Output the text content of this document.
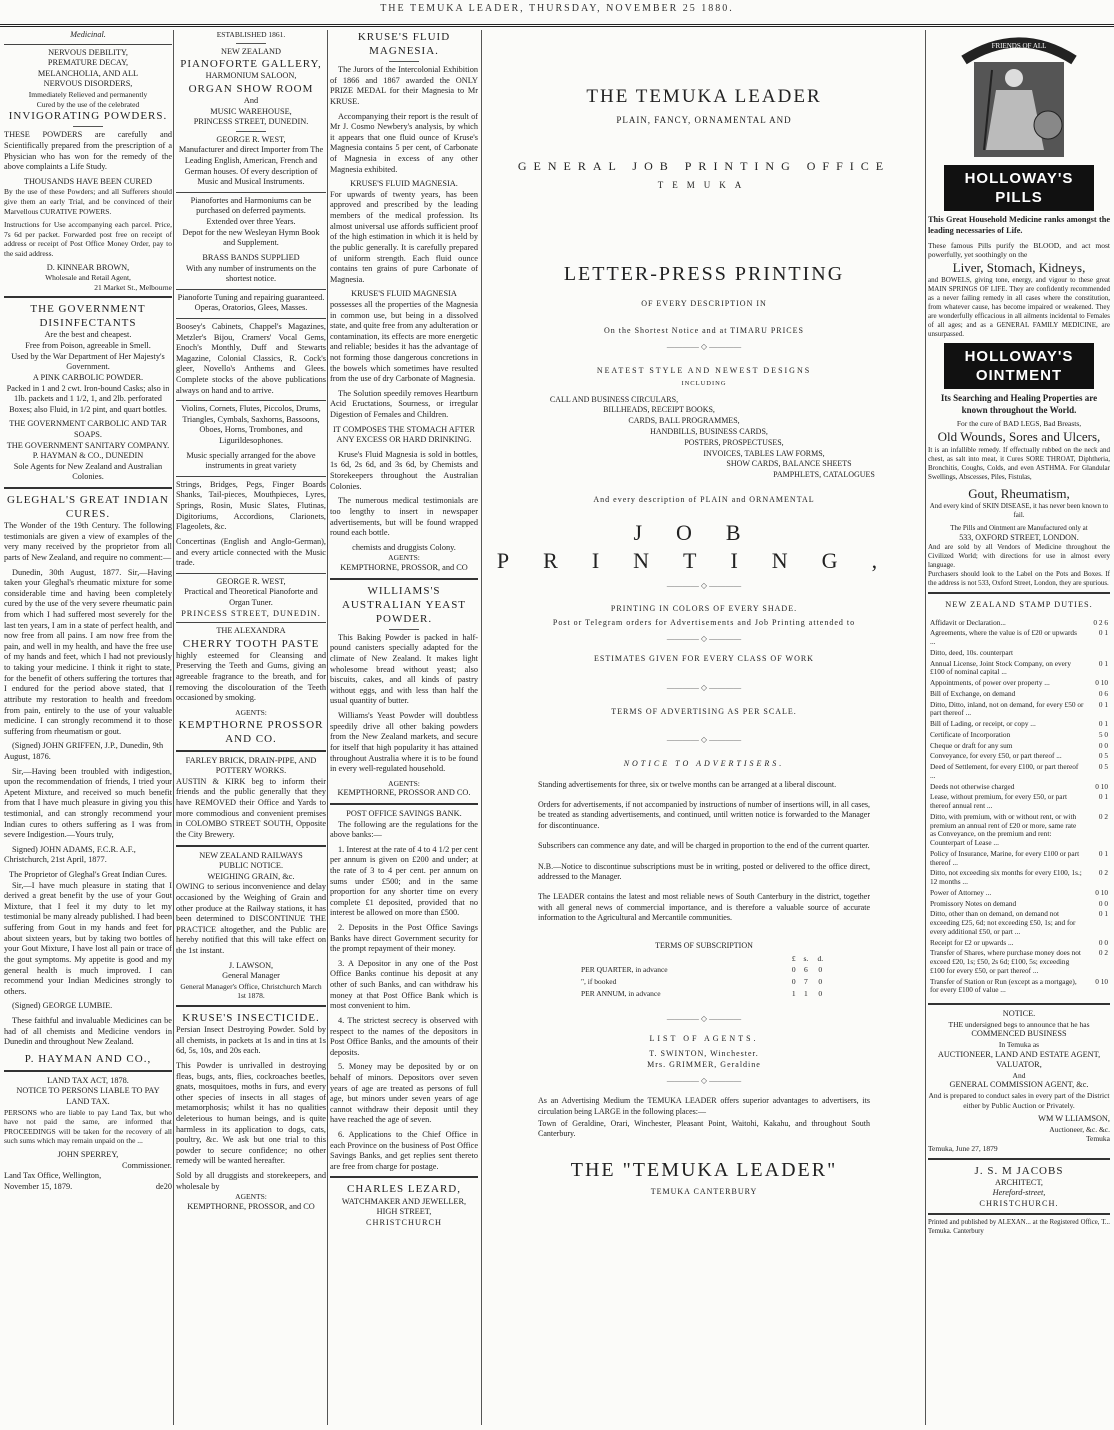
THE TEMUKA LEADER, THURSDAY, NOVEMBER 25 1880.
Medicinal.
NERVOUS DEBILITY,
PREMATURE DECAY,
MELANCHOLIA, AND ALL
NERVOUS DISORDERS,
Immediately Relieved and permanently
Cured by the use of the celebrated
INVIGORATING POWDERS.
THESE POWDERS are carefully and Scientifically prepared from the prescription of a Physician who has won for the remedy of the above complaints a Life Study.
THOUSANDS HAVE BEEN CURED
By the use of these Powders; and all Sufferers should give them an early Trial, and be convinced of their Marvellous CURATIVE POWERS.
Instructions for Use accompanying each parcel. Price, 7s 6d per packet. Forwarded post free on receipt of address or receipt of Post Office Money Order, pay to the said address.
D. KINNEAR BROWN,
Wholesale and Retail Agent,
21 Market St., Melbourne
THE GOVERNMENT DISINFECTANTS
Are the best and cheapest.
Free from Poison, agreeable in Smell.
Used by the War Department of Her Majesty's Government.
A PINK CARBOLIC POWDER.
Packed in 1 and 2 cwt. Iron-bound Casks; also in 1lb. packets and 1 1/2, 1, and 2lb. perforated Boxes; also Fluid, in 1/2 pint, and quart bottles.
THE GOVERNMENT CARBOLIC AND TAR SOAPS.
THE GOVERNMENT SANITARY COMPANY.
P. HAYMAN & CO., DUNEDIN
Sole Agents for New Zealand and Australian Colonies.
GLEGHAL'S GREAT INDIAN CURES.
The Wonder of the 19th Century. The following testimonials are given a view of examples of the very many received by the proprietor from all parts of New Zealand, and require no comment:—
Dunedin, 30th August, 1877. Sir,—Having taken your Gleghal's rheumatic mixture for some considerable time and having been completely cured by the use of the very severe rheumatic pain from which I had suffered most severely for the last ten years, I am in a state of perfect health, and now free from all pains. I am now free from the pain, and well in my health, and have the free use of my hands and feet, which I had not previously to taking your medicine. I think it right to state, for the benefit of others suffering the tortures that I endured for the period above stated, that I attribute my restoration to health and freedom from pain, entirely to the use of your valuable medicine. I can strongly recommend it to those suffering from rheumatism or gout.
(Signed) JOHN GRIFFEN, J.P., Dunedin, 9th August, 1876.
Sir,—Having been troubled with indigestion, upon the recommendation of friends, I tried your Apetent Mixture, and received so much benefit from that I have much pleasure in giving you this testimonial, and can strongly recommend your Indian cures to others suffering as I was from severe Indigestion.—Yours truly,
Signed) JOHN ADAMS, F.C.R. A.F., Christchurch, 21st April, 1877.
The Proprietor of Gleghal's Great Indian Cures.
Sir,—I have much pleasure in stating that I derived a great benefit by the use of your Gout Mixture, that I feel it my duty to let my testimonial be many already published. I had been suffering from Gout in my hands and feet for about sixteen years, but by taking two bottles of your Gout Mixture, I have lost all pain or trace of the gout symptoms. My appetite is good and my general health is much improved. I can recommend your Indian Medicines strongly to others.
(Signed) GEORGE LUMBIE.
These faithful and invaluable Medicines can be had of all chemists and Medicine vendors in Dunedin and throughout New Zealand.
P. HAYMAN AND CO.,
LAND TAX ACT, 1878.
NOTICE TO PERSONS LIABLE TO PAY LAND TAX.
PERSONS who are liable to pay Land Tax, but who have not paid the same, are informed that PROCEEDINGS will be taken for the recovery of all such sums which may remain unpaid on the ...
JOHN SPERREY,
Commissioner.
Land Tax Office, Wellington,
November 15, 1879.	de20
ESTABLISHED 1861.
NEW ZEALAND
PIANOFORTE GALLERY,
HARMONIUM SALOON,
ORGAN SHOW ROOM
And
MUSIC WAREHOUSE,
PRINCESS STREET, DUNEDIN.
GEORGE R. WEST,
Manufacturer and direct Importer from The Leading English, American, French and German houses. Of every description of Music and Musical Instruments.
Pianofortes and Harmoniums can be purchased on deferred payments.
Extended over three Years.
Depot for the new Wesleyan Hymn Book and Supplement.
BRASS BANDS SUPPLIED
With any number of instruments on the shortest notice.
Pianoforte Tuning and repairing guaranteed. Operas, Oratorios, Glees, Masses.
Boosey's Cabinets, Chappel's Magazines, Metzler's Bijou, Cramers' Vocal Gems, Enoch's Monthly, Duff and Stewarts Magazine, Colonial Classics, R. Cock's gleer, Novello's Anthems and Glees. Complete stocks of the above publications always on hand and to arrive.
Violins, Cornets, Flutes, Piccolos, Drums, Triangles, Cymbals, Saxhorns, Bassoons, Oboes, Horns, Trombones, and Ligurildesophones.
Music specially arranged for the above instruments in great variety
Strings, Bridges, Pegs, Finger Boards Shanks, Tail-pieces, Mouthpieces, Lyres, Springs, Rosin, Music Slates, Flutinas, Digitoriums, Accordions, Clarionets, Flageolets, &c.
Concertinas (English and Anglo-German), and every article connected with the Music trade.
GEORGE R. WEST,
Practical and Theoretical Pianoforte and Organ Tuner.
PRINCESS STREET, DUNEDIN.
THE ALEXANDRA
CHERRY TOOTH PASTE
highly esteemed for Cleansing and Preserving the Teeth and Gums, giving an agreeable fragrance to the breath, and for removing the discolouration of the Teeth occasioned by smoking.
AGENTS:
KEMPTHORNE PROSSOR AND CO.
FARLEY BRICK, DRAIN-PIPE, AND POTTERY WORKS.
AUSTIN & KIRK beg to inform their friends and the public generally that they have REMOVED their Office and Yards to more commodious and convenient premises in COLOMBO STREET SOUTH, Opposite the City Brewery.
NEW ZEALAND RAILWAYS
PUBLIC NOTICE.
WEIGHING GRAIN, &c.
OWING to serious inconvenience and delay occasioned by the Weighing of Grain and other produce at the Railway stations, it has been determined to DISCONTINUE THE PRACTICE altogether, and the Public are hereby notified that this will take effect on the 1st instant.
J. LAWSON,
General Manager
General Manager's Office, Christchurch March 1st 1878.
KRUSE'S INSECTICIDE.
Persian Insect Destroying Powder. Sold by all chemists, in packets at 1s and in tins at 1s 6d, 5s, 10s, and 20s each.
This Powder is unrivalled in destroying fleas, bugs, ants, flies, cockroaches beetles, gnats, mosquitoes, moths in furs, and every other species of insects in all stages of metamorphosis; whilst it has no qualities deleterious to human beings, and is quite harmless in its application to dogs, cats, poultry, &c. We ask but one trial to this powder to secure confidence; no other remedy will be wanted hereafter.
Sold by all druggists and storekeepers, and wholesale by
AGENTS:
KEMPTHORNE, PROSSOR, and CO
KRUSE'S FLUID MAGNESIA.
The Jurors of the Intercolonial Exhibition of 1866 and 1867 awarded the ONLY PRIZE MEDAL for their Magnesia to Mr KRUSE.
Accompanying their report is the result of Mr J. Cosmo Newbery's analysis, by which it appears that one fluid ounce of Kruse's Magnesia contains 5 per cent, of Carbonate of Magnesia in excess of any other Magnesia exhibited.
KRUSE'S FLUID MAGNESIA.
For upwards of twenty years, has been approved and prescribed by the leading members of the medical profession. Its almost universal use affords sufficient proof of the high estimation in which it is held by the public generally. It is carefully prepared of uniform strength. Each fluid ounce contains ten grains of pure Carbonate of Magnesia.
KRUSE'S FLUID MAGNESIA
possesses all the properties of the Magnesia in common use, but being in a dissolved state, and quite free from any adulteration or contamination, its effects are more energetic and reliable; besides it has the advantage of not forming those dangerous concretions in the bowels which sometimes have resulted from the use of dry Carbonate of Magnesia.
The Solution speedily removes Heartburn Acid Eructations, Sourness, or irregular Digestion of Females and Children.
IT COMPOSES THE STOMACH AFTER ANY EXCESS OR HARD DRINKING.
Kruse's Fluid Magnesia is sold in bottles, 1s 6d, 2s 6d, and 3s 6d, by Chemists and Storekeepers throughout the Australian Colonies.
The numerous medical testimonials are too lengthy to insert in newspaper advertisements, but will be found wrapped round each bottle.
chemists and druggists Colony.
AGENTS:
KEMPTHORNE, PROSSOR, and CO
WILLIAMS'S AUSTRALIAN YEAST POWDER.
This Baking Powder is packed in half-pound canisters specially adapted for the climate of New Zealand. It makes light wholesome bread without yeast; also biscuits, cakes, and all kinds of pastry without eggs, and with less than half the usual quantity of butter.
Williams's Yeast Powder will doubtless speedily drive all other baking powders from the New Zealand markets, and secure for itself that high popularity it has attained throughout Australia where it is to be found in every well-regulated household.
AGENTS:
KEMPTHORNE, PROSSOR AND CO.
POST OFFICE SAVINGS BANK.
The following are the regulations for the above banks:—
1. Interest at the rate of 4 to 4 1/2 per cent per annum is given on £200 and under; at the rate of 3 to 4 per cent. per annum on sums under £500; and in the same proportion for any shorter time on every complete £1 deposited, provided that no interest be allowed on more than £500.
2. Deposits in the Post Office Savings Banks have direct Government security for the prompt repayment of their money.
3. A Depositor in any one of the Post Office Banks continue his deposit at any other of such Banks, and can withdraw his money at that Post Office Bank which is most convenient to him.
4. The strictest secrecy is observed with respect to the names of the depositors in Post Office Banks, and the amounts of their deposits.
5. Money may be deposited by or on behalf of minors. Depositors over seven years of age are treated as persons of full age, but minors under seven years of age cannot withdraw their deposit until they have reached the age of seven.
6. Applications to the Chief Office in each Province on the business of Post Office Savings Banks, and get replies sent thereto are free from charge for postage.
CHARLES LEZARD,
WATCHMAKER AND JEWELLER,
HIGH STREET,
CHRISTCHURCH
THE TEMUKA LEADER
PLAIN, FANCY, ORNAMENTAL AND
GENERAL JOB PRINTING OFFICE
TEMUKA
LETTER-PRESS PRINTING
OF EVERY DESCRIPTION IN
On the Shortest Notice and at TIMARU PRICES
———— ◇ ————
NEATEST STYLE AND NEWEST DESIGNS
INCLUDING
CALL AND BUSINESS CIRCULARS,
BILLHEADS, RECEIPT BOOKS,
CARDS, BALL PROGRAMMES,
HANDBILLS, BUSINESS CARDS,
POSTERS, PROSPECTUSES,
INVOICES, TABLES LAW FORMS,
SHOW CARDS, BALANCE SHEETS
PAMPHLETS, CATALOGUES
And every description of PLAIN and ORNAMENTAL
JOB PRINTING,
———— ◇ ————
PRINTING IN COLORS OF EVERY SHADE.
Post or Telegram orders for Advertisements and Job Printing attended to
———— ◇ ————
ESTIMATES GIVEN FOR EVERY CLASS OF WORK
———— ◇ ————
TERMS OF ADVERTISING AS PER SCALE.
———— ◇ ————
NOTICE TO ADVERTISERS.
Standing advertisements for three, six or twelve months can be arranged at a liberal discount.
Orders for advertisements, if not accompanied by instructions of number of insertions will, in all cases, be treated as standing advertisements, and continued, until written notice is forwarded to the Manager for discontinuance.
Subscribers can commence any date, and will be charged in proportion to the end of the current quarter.
N.B.—Notice to discontinue subscriptions must be in writing, posted or delivered to the office direct, addressed to the Manager.
The LEADER contains the latest and most reliable news of South Canterbury in the district, together with all general news of commercial importance, and is therefore a valuable source of accurate information to the Agricultural and Mercantile communities.
TERMS OF SUBSCRIPTION
	£	s.	d.
PER QUARTER, in advance	0	6	0
", if booked	0	7	0
PER ANNUM, in advance	1	1	0
———— ◇ ————
LIST OF AGENTS.
T. SWINTON, Winchester.
Mrs. GRIMMER, Geraldine
———— ◇ ————
As an Advertising Medium the TEMUKA LEADER offers superior advantages to advertisers, its circulation being LARGE in the following places:—
Town of Geraldine, Orari, Winchester, Pleasant Point, Waitohi, Kakahu, and throughout South Canterbury.
THE "TEMUKA LEADER"
TEMUKA CANTERBURY
FRIENDS OF ALL
HOLLOWAY'S PILLS
This Great Household Medicine ranks amongst the leading necessaries of Life.
These famous Pills purify the BLOOD, and act most powerfully, yet soothingly on the
Liver, Stomach, Kidneys,
and BOWELS, giving tone, energy, and vigour to these great MAIN SPRINGS OF LIFE. They are confidently recommended as a never failing remedy in all cases where the constitution, from whatever cause, has become impaired or weakened. They are wonderfully efficacious in all ailments incidental to Females of all ages; and as a GENERAL FAMILY MEDICINE, are unsurpassed.
HOLLOWAY'S OINTMENT
Its Searching and Healing Properties are known throughout the World.
For the cure of BAD LEGS, Bad Breasts,
Old Wounds, Sores and Ulcers,
It is an infallible remedy. If effectually rubbed on the neck and chest, as salt into meat, it Cures SORE THROAT, Diphtheria, Bronchitis, Coughs, Colds, and even ASTHMA. For Glandular Swellings, Abscesses, Piles, Fistulas,
Gout, Rheumatism,
And every kind of SKIN DISEASE, it has never been known to fail.
The Pills and Ointment are Manufactured only at
533, OXFORD STREET, LONDON.
And are sold by all Vendors of Medicine throughout the Civilized World; with directions for use in almost every language.
Purchasers should look to the Label on the Pots and Boxes. If the address is not 533, Oxford Street, London, they are spurious.
NEW ZEALAND STAMP DUTIES.
Affidavit or Declaration...	0 2 6
Agreements, where the value is of £20 or upwards ...	0 1
Ditto, deed, 10s. counterpart	
Annual License, Joint Stock Company, on every £100 of nominal capital ...	0 1
Appointments, of power over property ...	0 10
Bill of Exchange, on demand	0 6
Ditto, Ditto, inland, not on demand, for every £50 or part thereof ...	0 1
Bill of Lading, or receipt, or copy ...	0 1
Certificate of Incorporation	5 0
Cheque or draft for any sum	0 0
Conveyance, for every £50, or part thereof ...	0 5
Deed of Settlement, for every £100, or part thereof ...	0 5
Deeds not otherwise charged	0 10
Lease, without premium, for every £50, or part thereof annual rent ...	0 1
Ditto, with premium, with or without rent, or with premium an annual rent of £20 or more, same rate as Conveyance, on the premium and rent: Counterpart of Lease ...	0 2
Policy of Insurance, Marine, for every £100 or part thereof ...	0 1
Ditto, not exceeding six months for every £100, 1s.; 12 months ...	0 2
Power of Attorney ...	0 10
Promissory Notes on demand	0 0
Ditto, other than on demand, on demand not exceeding £25, 6d; not exceeding £50, 1s; and for every additional £50, or part ...	0 1
Receipt for £2 or upwards ...	0 0
Transfer of Shares, where purchase money does not exceed £20, 1s; £50, 2s 6d; £100, 5s; exceeding £100 for every £50, or part thereof ...	0 2
Transfer of Station or Run (except as a mortgage), for every £100 of value ...	0 10
NOTICE.
THE undersigned begs to announce that he has
COMMENCED BUSINESS
In Temuka as
AUCTIONEER, LAND AND ESTATE AGENT, VALUATOR,
And
GENERAL COMMISSION AGENT, &c.
And is prepared to conduct sales in every part of the District either by Public Auction or Privately.
WM W LLIAMSON,
Auctioneer, &c. &c.
Temuka
Temuka, June 27, 1879
J. S. M JACOBS
ARCHITECT,
Hereford-street,
CHRISTCHURCH.
Printed and published by ALEXAN... at the Registered Office, T... Temuka. Canterbury
